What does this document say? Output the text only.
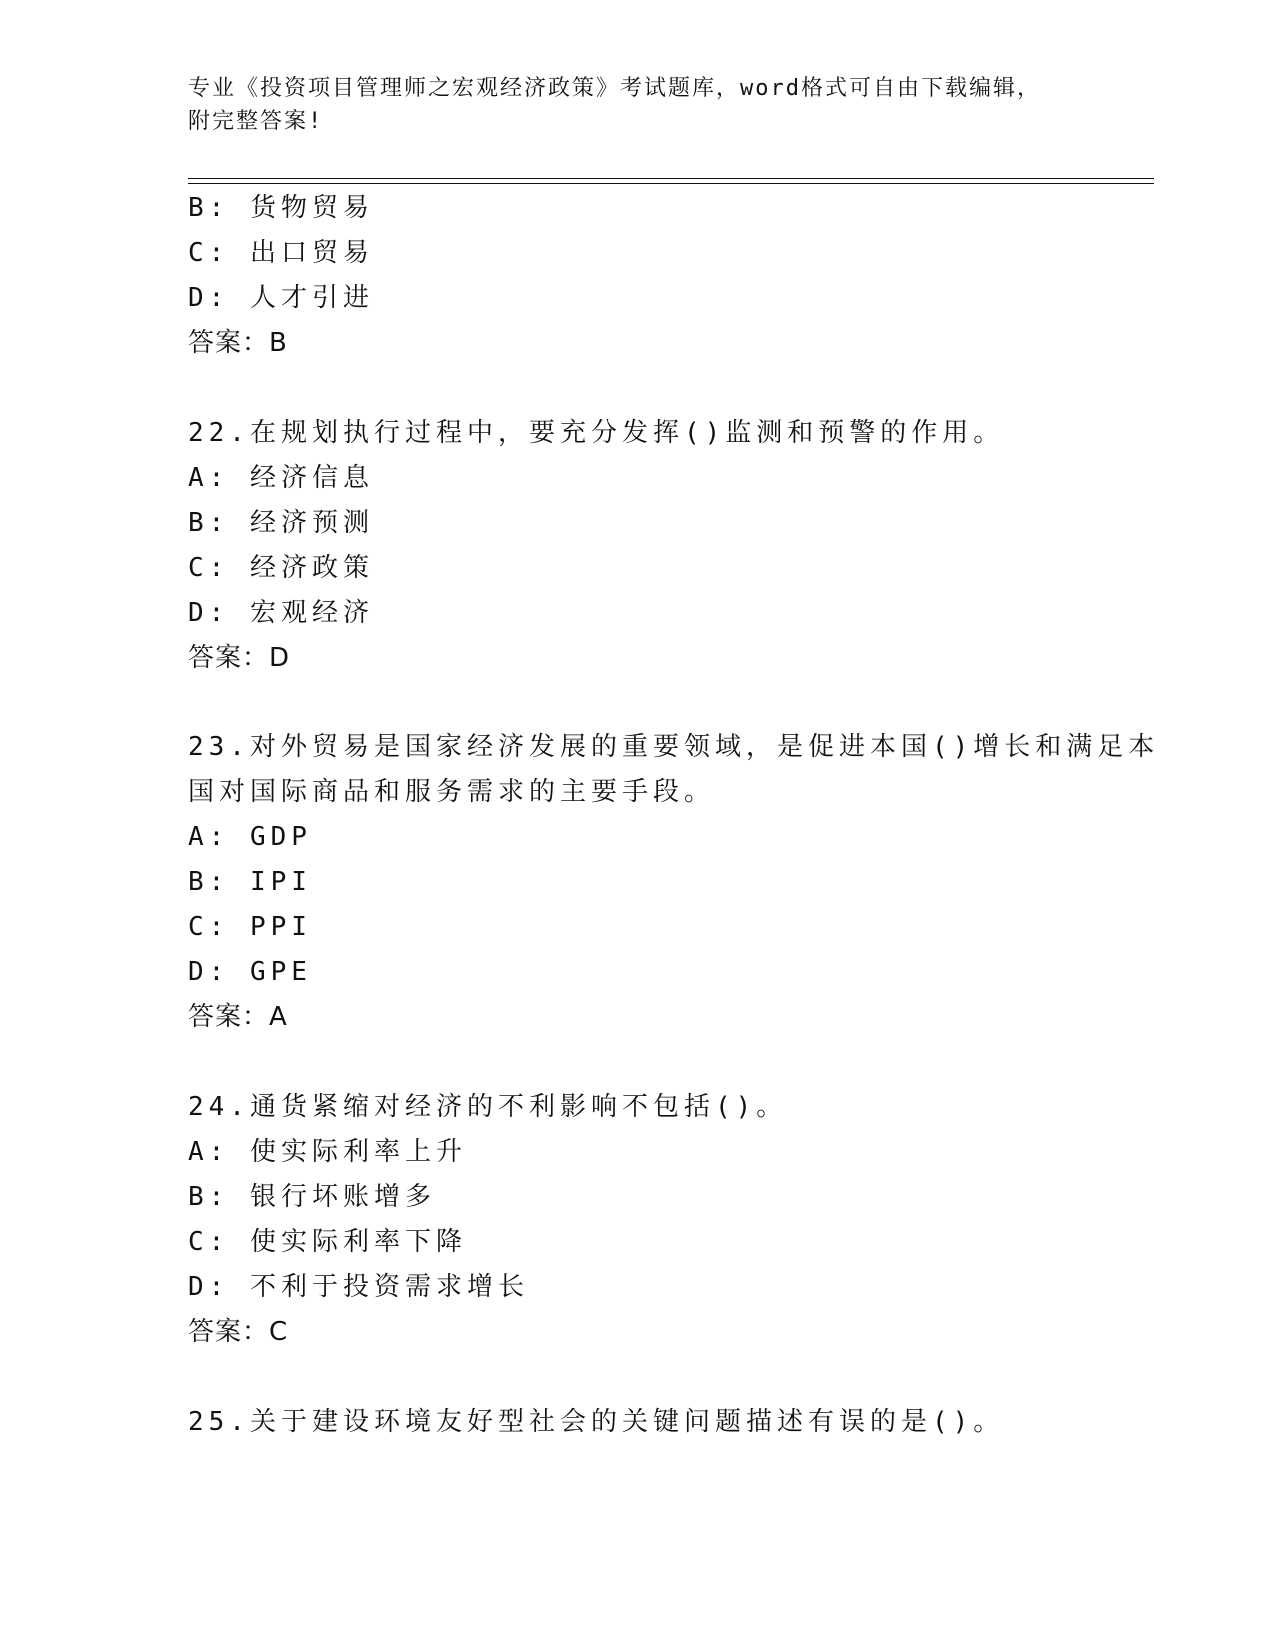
专业《投资项目管理师之宏观经济政策》考试题库，word格式可自由下载编辑，
附完整答案!
B: 货物贸易
C: 出口贸易
D: 人才引进
答案：B
22.在规划执行过程中，要充分发挥()监测和预警的作用。
A: 经济信息
B: 经济预测
C: 经济政策
D: 宏观经济
答案：D
23.对外贸易是国家经济发展的重要领域，是促进本国()增长和满足本
国对国际商品和服务需求的主要手段。
A: GDP
B: IPI
C: PPI
D: GPE
答案：A
24.通货紧缩对经济的不利影响不包括()。
A: 使实际利率上升
B: 银行坏账增多
C: 使实际利率下降
D: 不利于投资需求增长
答案：C
25.关于建设环境友好型社会的关键问题描述有误的是()。
